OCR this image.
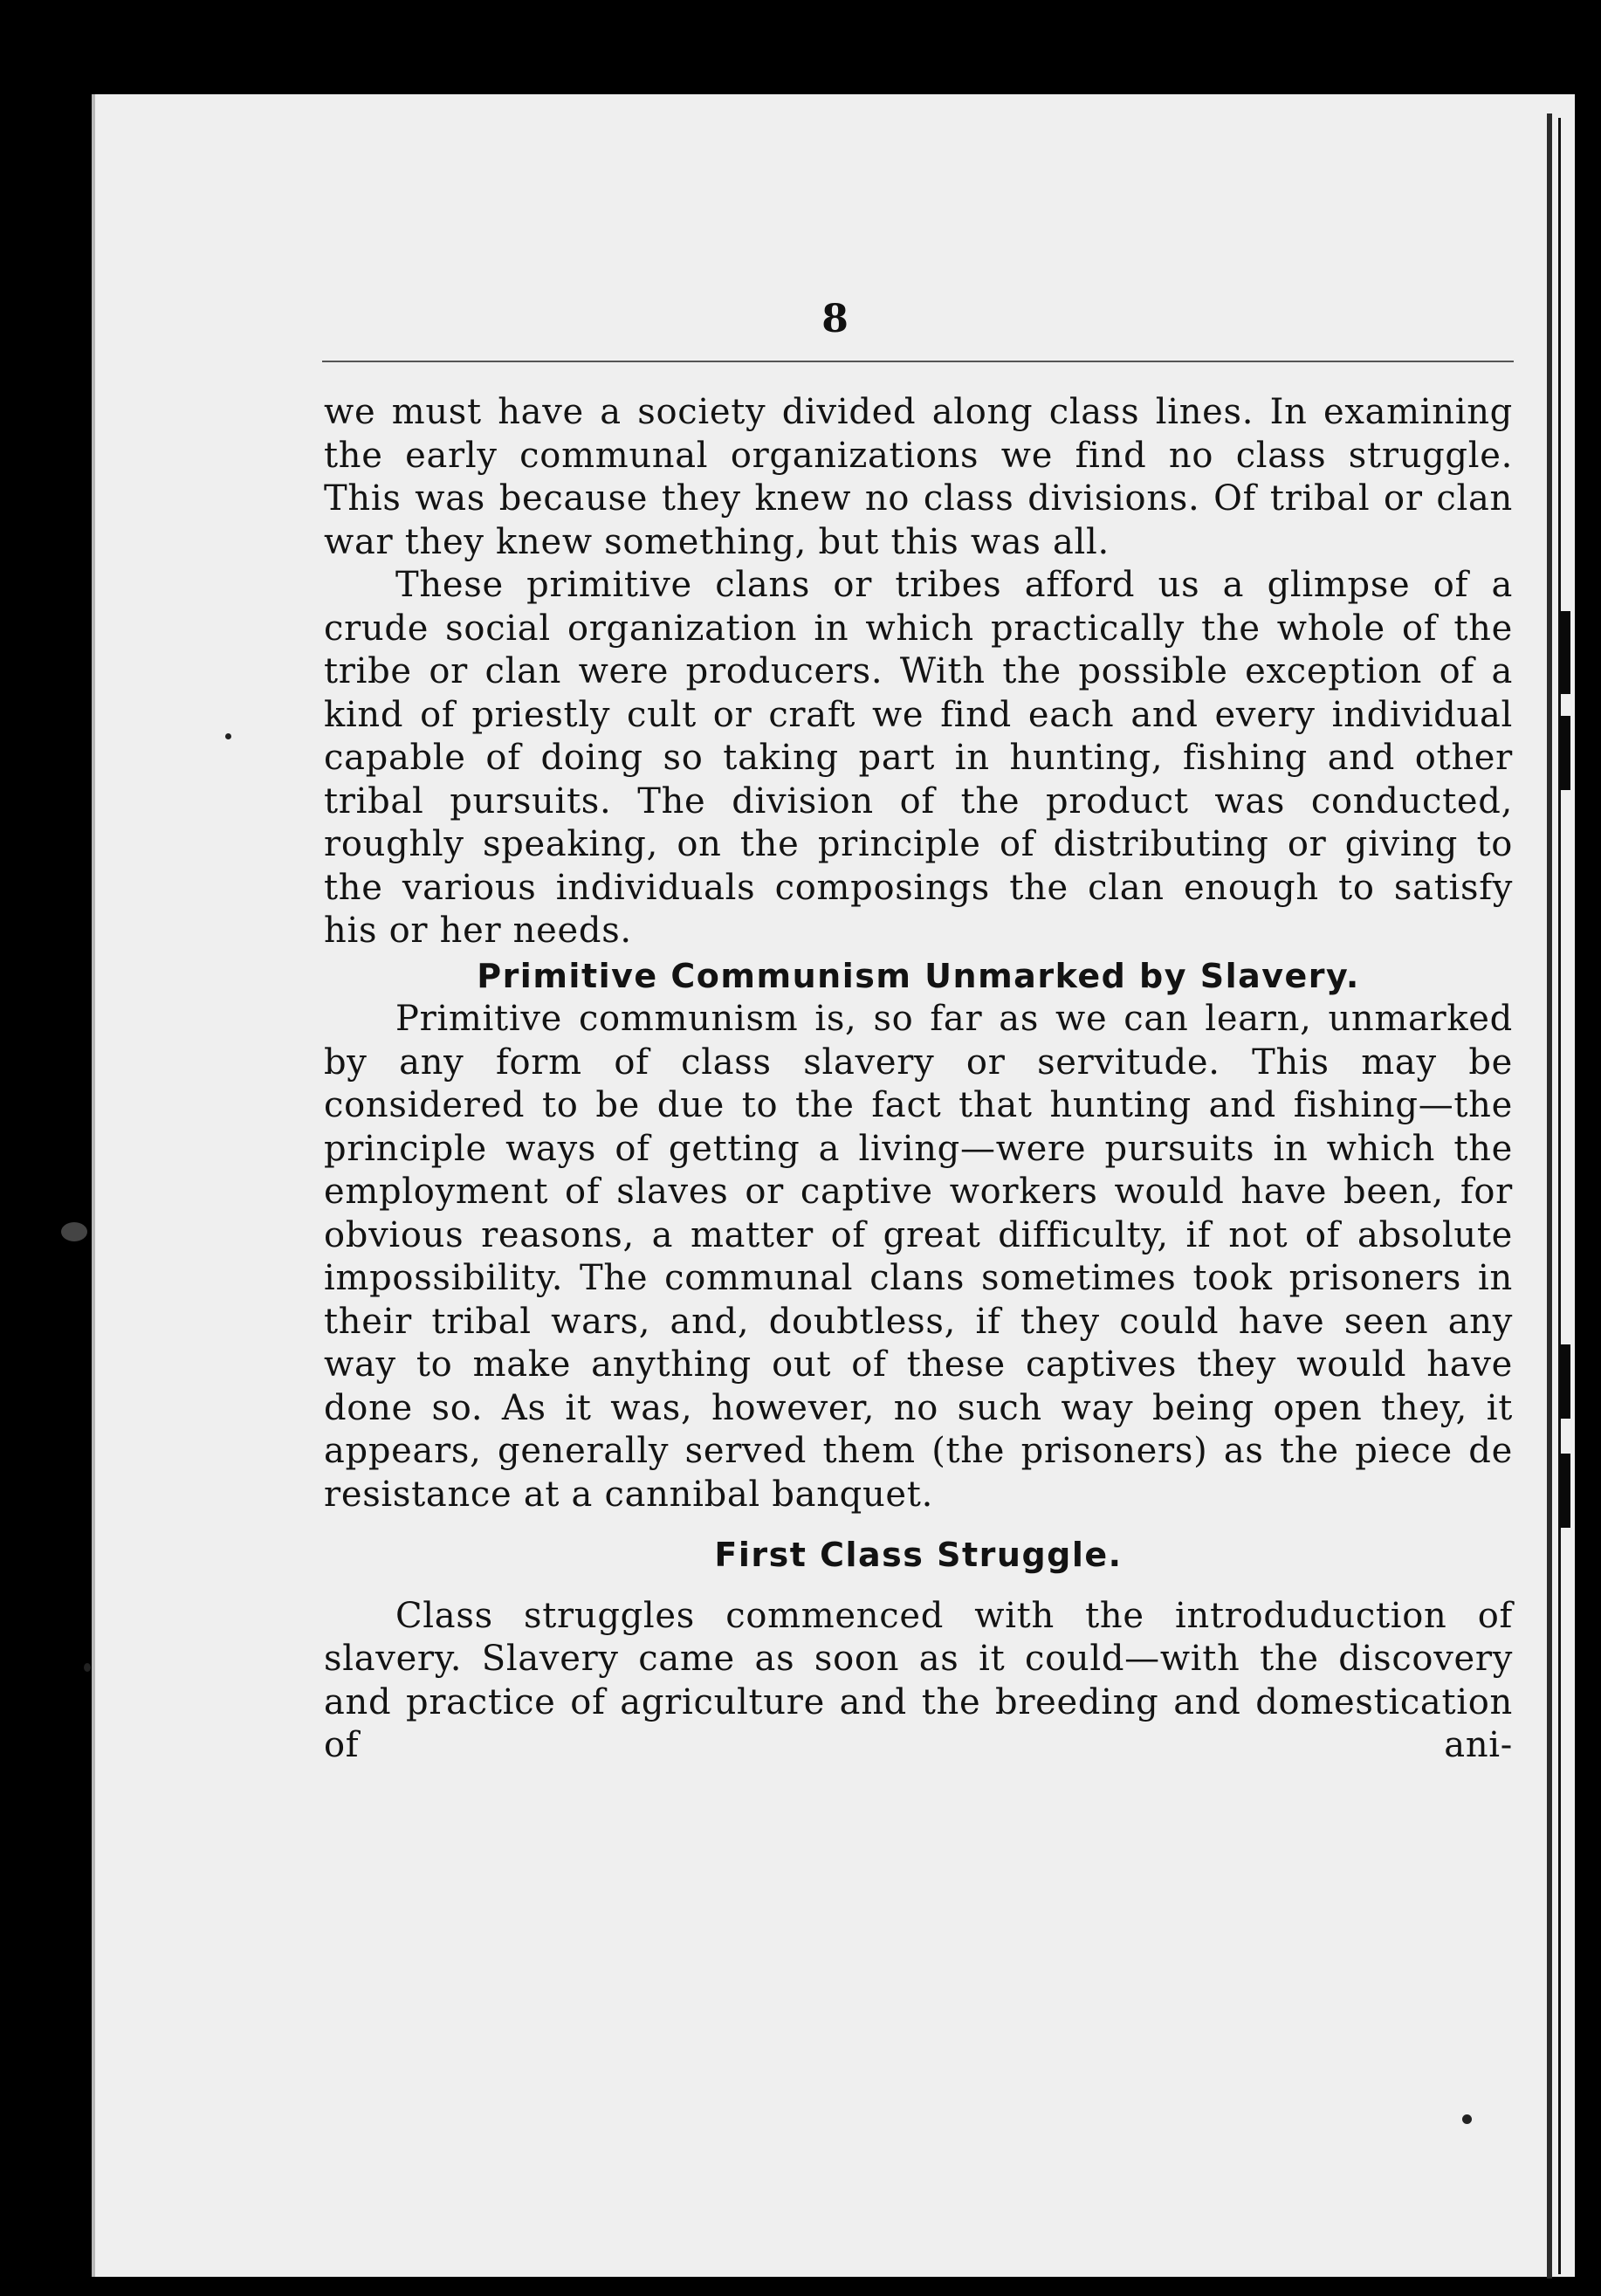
8

we must have a society divided along class lines. In examining the early communal organizations we find no class struggle. This was because they knew no class divisions. Of tribal or clan war they knew something, but this was all.

These primitive clans or tribes afford us a glimpse of a crude social organization in which practically the whole of the tribe or clan were producers. With the possible exception of a kind of priestly cult or craft we find each and every individual capable of doing so taking part in hunting, fishing and other tribal pursuits. The division of the product was conducted, roughly speaking, on the principle of distributing or giving to the various individuals composings the clan enough to satisfy his or her needs.

Primitive Communism Unmarked by Slavery.

Primitive communism is, so far as we can learn, unmarked by any form of class slavery or servitude. This may be considered to be due to the fact that hunting and fishing—the principle ways of getting a living—were pursuits in which the employment of slaves or captive workers would have been, for obvious reasons, a matter of great difficulty, if not of absolute impossibility. The communal clans sometimes took prisoners in their tribal wars, and, doubtless, if they could have seen any way to make anything out of these captives they would have done so. As it was, however, no such way being open they, it appears, generally served them (the prisoners) as the piece de resistance at a cannibal banquet.

First Class Struggle.

Class struggles commenced with the introduduction of slavery. Slavery came as soon as it could—with the discovery and practice of agriculture and the breeding and domestication of ani-
